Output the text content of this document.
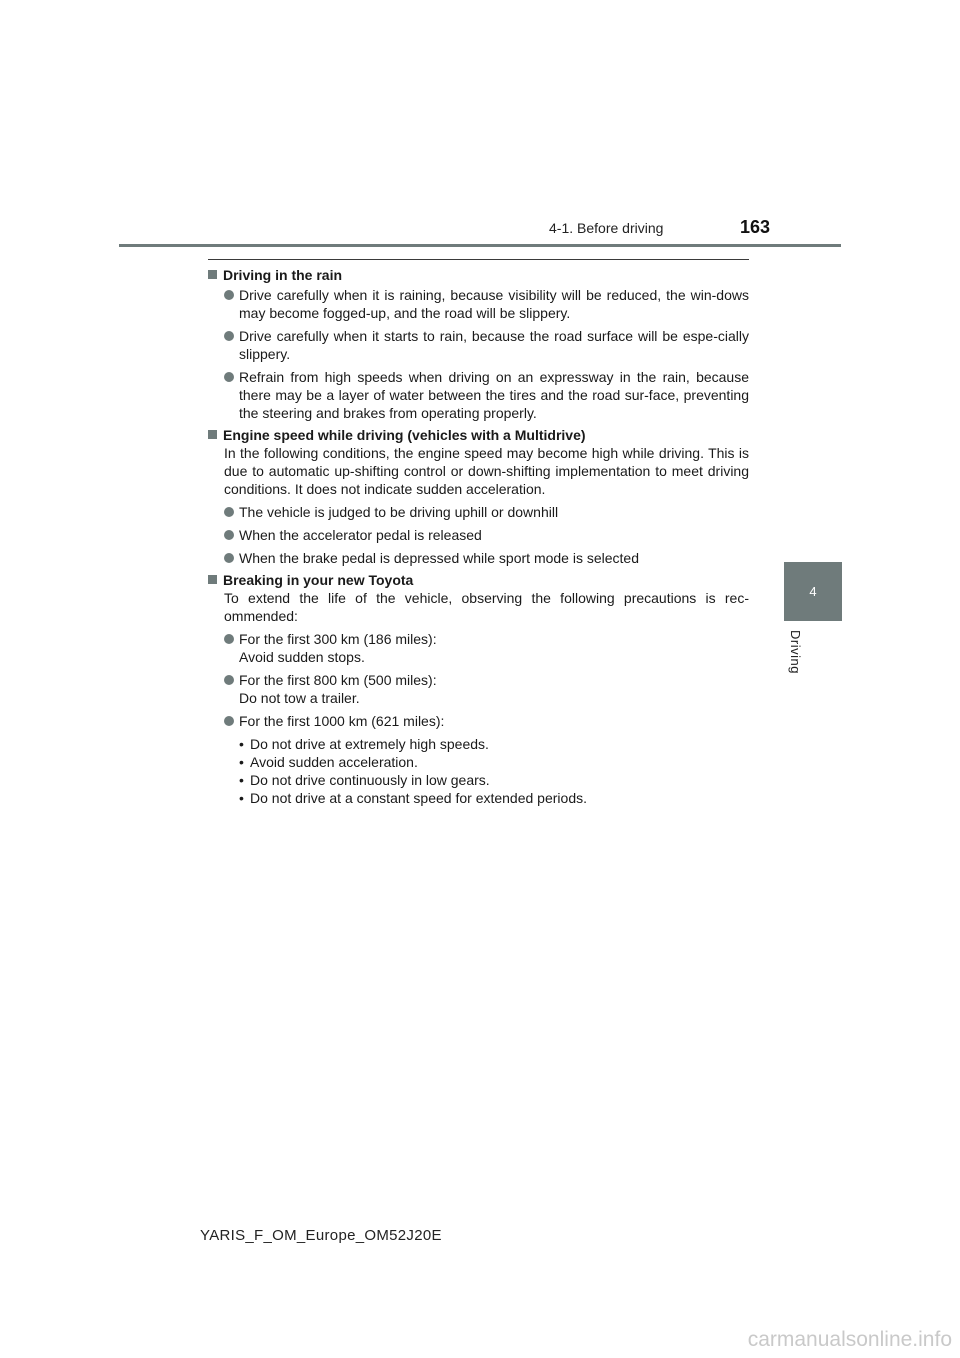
4-1. Before driving	163
4
Driving
Driving in the rain
Drive carefully when it is raining, because visibility will be reduced, the win-dows may become fogged-up, and the road will be slippery.
Drive carefully when it starts to rain, because the road surface will be espe-cially slippery.
Refrain from high speeds when driving on an expressway in the rain, because there may be a layer of water between the tires and the road sur-face, preventing the steering and brakes from operating properly.
Engine speed while driving (vehicles with a Multidrive)
In the following conditions, the engine speed may become high while driving. This is due to automatic up-shifting control or down-shifting implementation to meet driving conditions. It does not indicate sudden acceleration.
The vehicle is judged to be driving uphill or downhill
When the accelerator pedal is released
When the brake pedal is depressed while sport mode is selected
Breaking in your new Toyota
To extend the life of the vehicle, observing the following precautions is rec-ommended:
For the first 300 km (186 miles):
Avoid sudden stops.
For the first 800 km (500 miles):
Do not tow a trailer.
For the first 1000 km (621 miles):
• Do not drive at extremely high speeds.
• Avoid sudden acceleration.
• Do not drive continuously in low gears.
• Do not drive at a constant speed for extended periods.
YARIS_F_OM_Europe_OM52J20E
carmanualsonline.info
